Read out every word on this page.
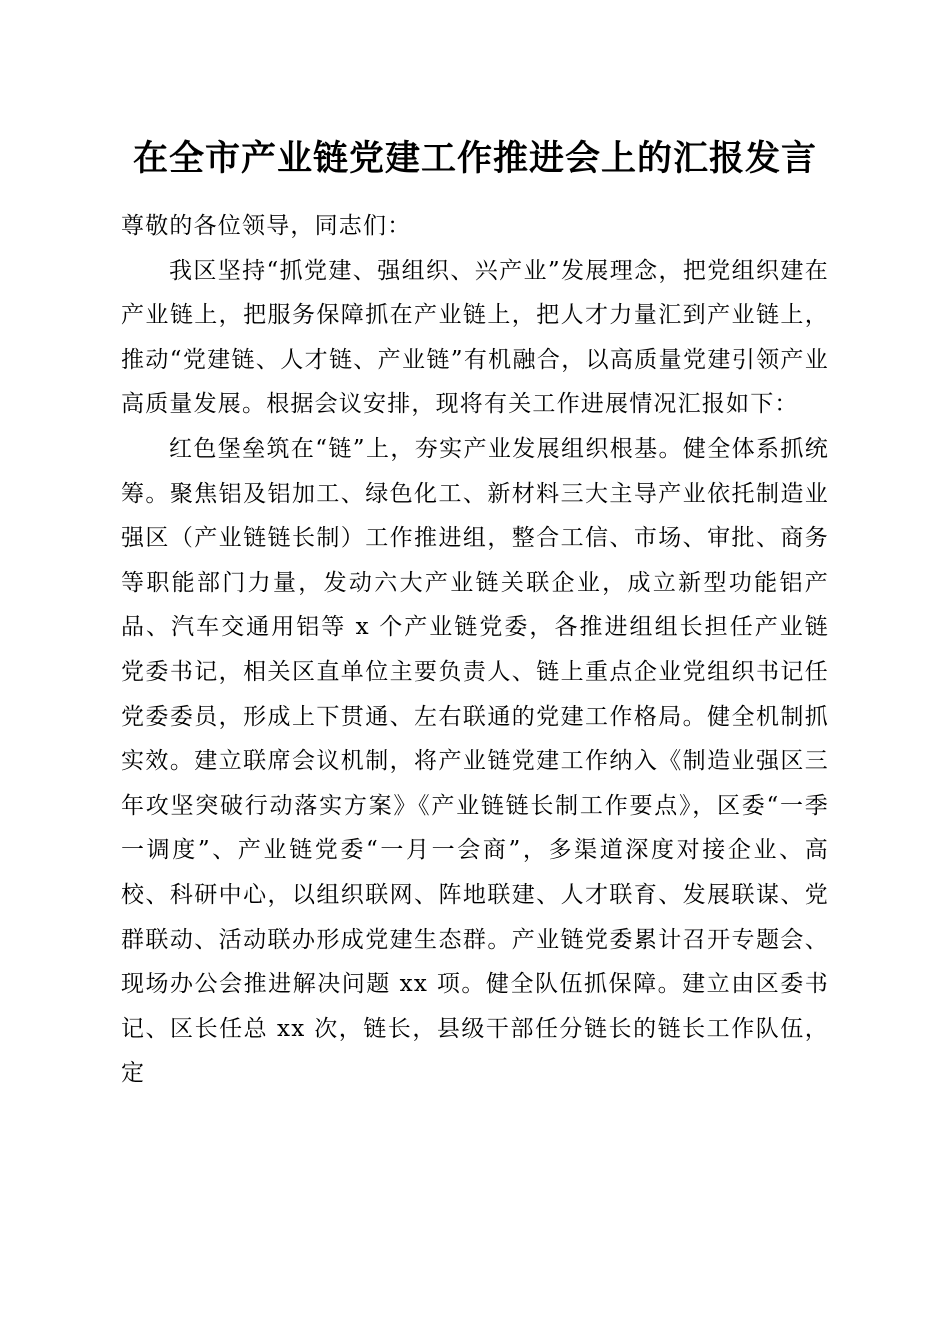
在全市产业链党建工作推进会上的汇报发言

尊敬的各位领导，同志们：

我区坚持“抓党建、强组织、兴产业”发展理念，把党组织建在产业链上，把服务保障抓在产业链上，把人才力量汇到产业链上，推动“党建链、人才链、产业链”有机融合，以高质量党建引领产业高质量发展。根据会议安排，现将有关工作进展情况汇报如下：

红色堡垒筑在“链”上，夯实产业发展组织根基。健全体系抓统筹。聚焦铝及铝加工、绿色化工、新材料三大主导产业依托制造业强区（产业链链长制）工作推进组，整合工信、市场、审批、商务等职能部门力量，发动六大产业链关联企业，成立新型功能铝产品、汽车交通用铝等 x 个产业链党委，各推进组组长担任产业链党委书记，相关区直单位主要负责人、链上重点企业党组织书记任党委委员，形成上下贯通、左右联通的党建工作格局。健全机制抓实效。建立联席会议机制，将产业链党建工作纳入《制造业强区三年攻坚突破行动落实方案》《产业链链长制工作要点》，区委“一季一调度”、产业链党委“一月一会商”，多渠道深度对接企业、高校、科研中心，以组织联网、阵地联建、人才联育、发展联谋、党群联动、活动联办形成党建生态群。产业链党委累计召开专题会、现场办公会推进解决问题 xx 项。健全队伍抓保障。建立由区委书记、区长任总 xx 次，链长，县级干部任分链长的链长工作队伍，定
